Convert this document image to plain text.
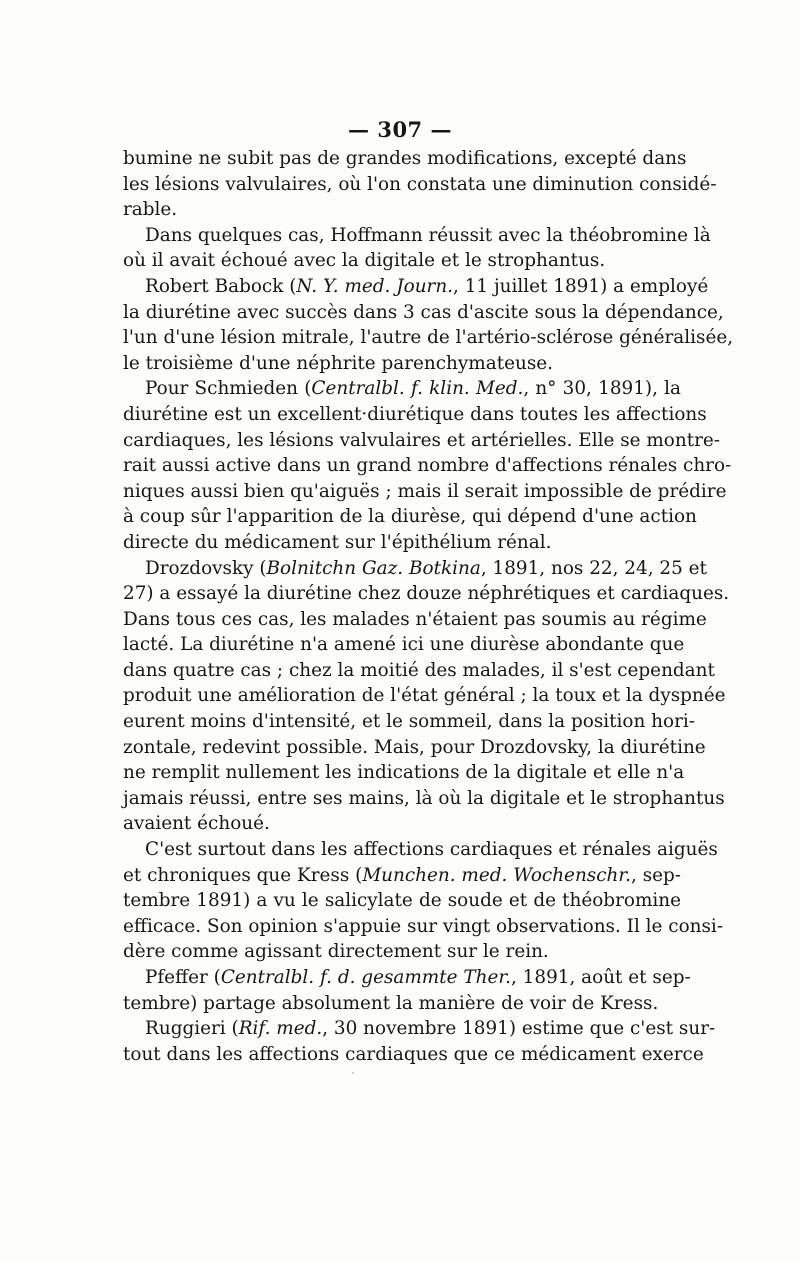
— 307 —
bumine ne subit pas de grandes modifications, excepté dans
les lésions valvulaires, où l'on constata une diminution considé-
rable.
Dans quelques cas, Hoffmann réussit avec la théobromine là
où il avait échoué avec la digitale et le strophantus.
Robert Babock (N. Y. med. Journ., 11 juillet 1891) a employé
la diurétine avec succès dans 3 cas d'ascite sous la dépendance,
l'un d'une lésion mitrale, l'autre de l'artério-sclérose généralisée,
le troisième d'une néphrite parenchymateuse.
Pour Schmieden (Centralbl. f. klin. Med., n° 30, 1891), la
diurétine est un excellent·diurétique dans toutes les affections
cardiaques, les lésions valvulaires et artérielles. Elle se montre-
rait aussi active dans un grand nombre d'affections rénales chro-
niques aussi bien qu'aiguës ; mais il serait impossible de prédire
à coup sûr l'apparition de la diurèse, qui dépend d'une action
directe du médicament sur l'épithélium rénal.
Drozdovsky (Bolnitchn Gaz. Botkina, 1891, nos 22, 24, 25 et
27) a essayé la diurétine chez douze néphrétiques et cardiaques.
Dans tous ces cas, les malades n'étaient pas soumis au régime
lacté. La diurétine n'a amené ici une diurèse abondante que
dans quatre cas ; chez la moitié des malades, il s'est cependant
produit une amélioration de l'état général ; la toux et la dyspnée
eurent moins d'intensité, et le sommeil, dans la position hori-
zontale, redevint possible. Mais, pour Drozdovsky, la diurétine
ne remplit nullement les indications de la digitale et elle n'a
jamais réussi, entre ses mains, là où la digitale et le strophantus
avaient échoué.
C'est surtout dans les affections cardiaques et rénales aiguës
et chroniques que Kress (Munchen. med. Wochenschr., sep-
tembre 1891) a vu le salicylate de soude et de théobromine
efficace. Son opinion s'appuie sur vingt observations. Il le consi-
dère comme agissant directement sur le rein.
Pfeffer (Centralbl. f. d. gesammte Ther., 1891, août et sep-
tembre) partage absolument la manière de voir de Kress.
Ruggieri (Rif. med., 30 novembre 1891) estime que c'est sur-
tout dans les affections cardiaques que ce médicament exerce
